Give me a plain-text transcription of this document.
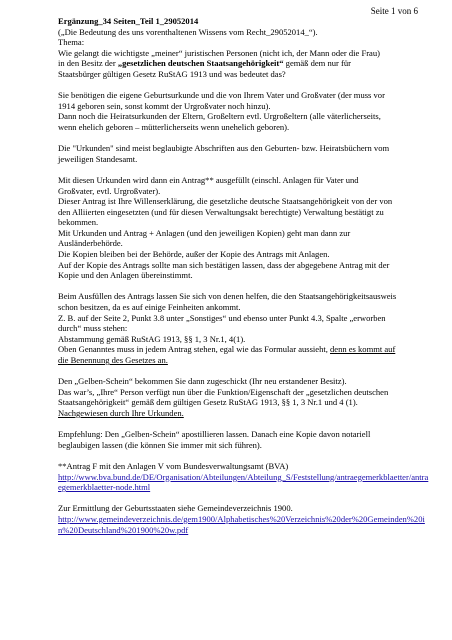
Seite 1 von 6

Ergänzung_34 Seiten_Teil 1_29052014
(„Die Bedeutung des uns vorenthaltenen Wissens vom Recht_29052014_“).
Thema:
Wie gelangt die wichtigste „meiner“ juristischen Personen (nicht ich, der Mann oder die Frau)
in den Besitz der „gesetzlichen deutschen Staatsangehörigkeit“ gemäß dem nur für
Staatsbürger gültigen Gesetz RuStAG 1913 und was bedeutet das?

Sie benötigen die eigene Geburtsurkunde und die von Ihrem Vater und Großvater (der muss vor
1914 geboren sein, sonst kommt der Urgroßvater noch hinzu).
Dann noch die Heiratsurkunden der Eltern, Großeltern evtl. Urgroßeltern (alle väterlicherseits,
wenn ehelich geboren – mütterlicherseits wenn unehelich geboren).

Die "Urkunden" sind meist beglaubigte Abschriften aus den Geburten- bzw. Heiratsbüchern vom
jeweiligen Standesamt.

Mit diesen Urkunden wird dann ein Antrag** ausgefüllt (einschl. Anlagen für Vater und
Großvater, evtl. Urgroßvater).
Dieser Antrag ist Ihre Willenserklärung, die gesetzliche deutsche Staatsangehörigkeit von der von
den Alliierten eingesetzten (und für diesen Verwaltungsakt berechtigte) Verwaltung bestätigt zu
bekommen.
Mit Urkunden und Antrag + Anlagen (und den jeweiligen Kopien) geht man dann zur
Ausländerbehörde.
Die Kopien bleiben bei der Behörde, außer der Kopie des Antrags mit Anlagen.
Auf der Kopie des Antrags sollte man sich bestätigen lassen, dass der abgegebene Antrag mit der
Kopie und den Anlagen übereinstimmt.

Beim Ausfüllen des Antrags lassen Sie sich von denen helfen, die den Staatsangehörigkeitsausweis
schon besitzen, da es auf einige Feinheiten ankommt.
Z. B. auf der Seite 2, Punkt 3.8 unter „Sonstiges“ und ebenso unter Punkt 4.3, Spalte „erworben
durch“ muss stehen:
Abstammung gemäß RuStAG 1913, §§ 1, 3 Nr.1, 4(1).
Oben Genanntes muss in jedem Antrag stehen, egal wie das Formular aussieht, denn es kommt auf
die Benennung des Gesetzes an.

Den „Gelben-Schein“ bekommen Sie dann zugeschickt (Ihr neu erstandener Besitz).
Das war’s, „Ihre“ Person verfügt nun über die Funktion/Eigenschaft der „gesetzlichen deutschen
Staatsangehörigkeit“ gemäß dem gültigen Gesetz RuStAG 1913, §§ 1, 3 Nr.1 und 4 (1).
Nachgewiesen durch Ihre Urkunden.

Empfehlung: Den „Gelben-Schein“ apostillieren lassen. Danach eine Kopie davon notariell
beglaubigen lassen (die können Sie immer mit sich führen).

**Antrag F mit den Anlagen V vom Bundesverwaltungsamt (BVA)
http://www.bva.bund.de/DE/Organisation/Abteilungen/Abteilung_S/Feststellung/antraegemerkblaetter/antraegemerkblaetter-node.html

Zur Ermittlung der Geburtsstaaten siehe Gemeindeverzeichnis 1900.
http://www.gemeindeverzeichnis.de/gem1900/Alphabetisches%20Verzeichnis%20der%20Gemeinden%20in%20Deutschland%201900%20w.pdf
